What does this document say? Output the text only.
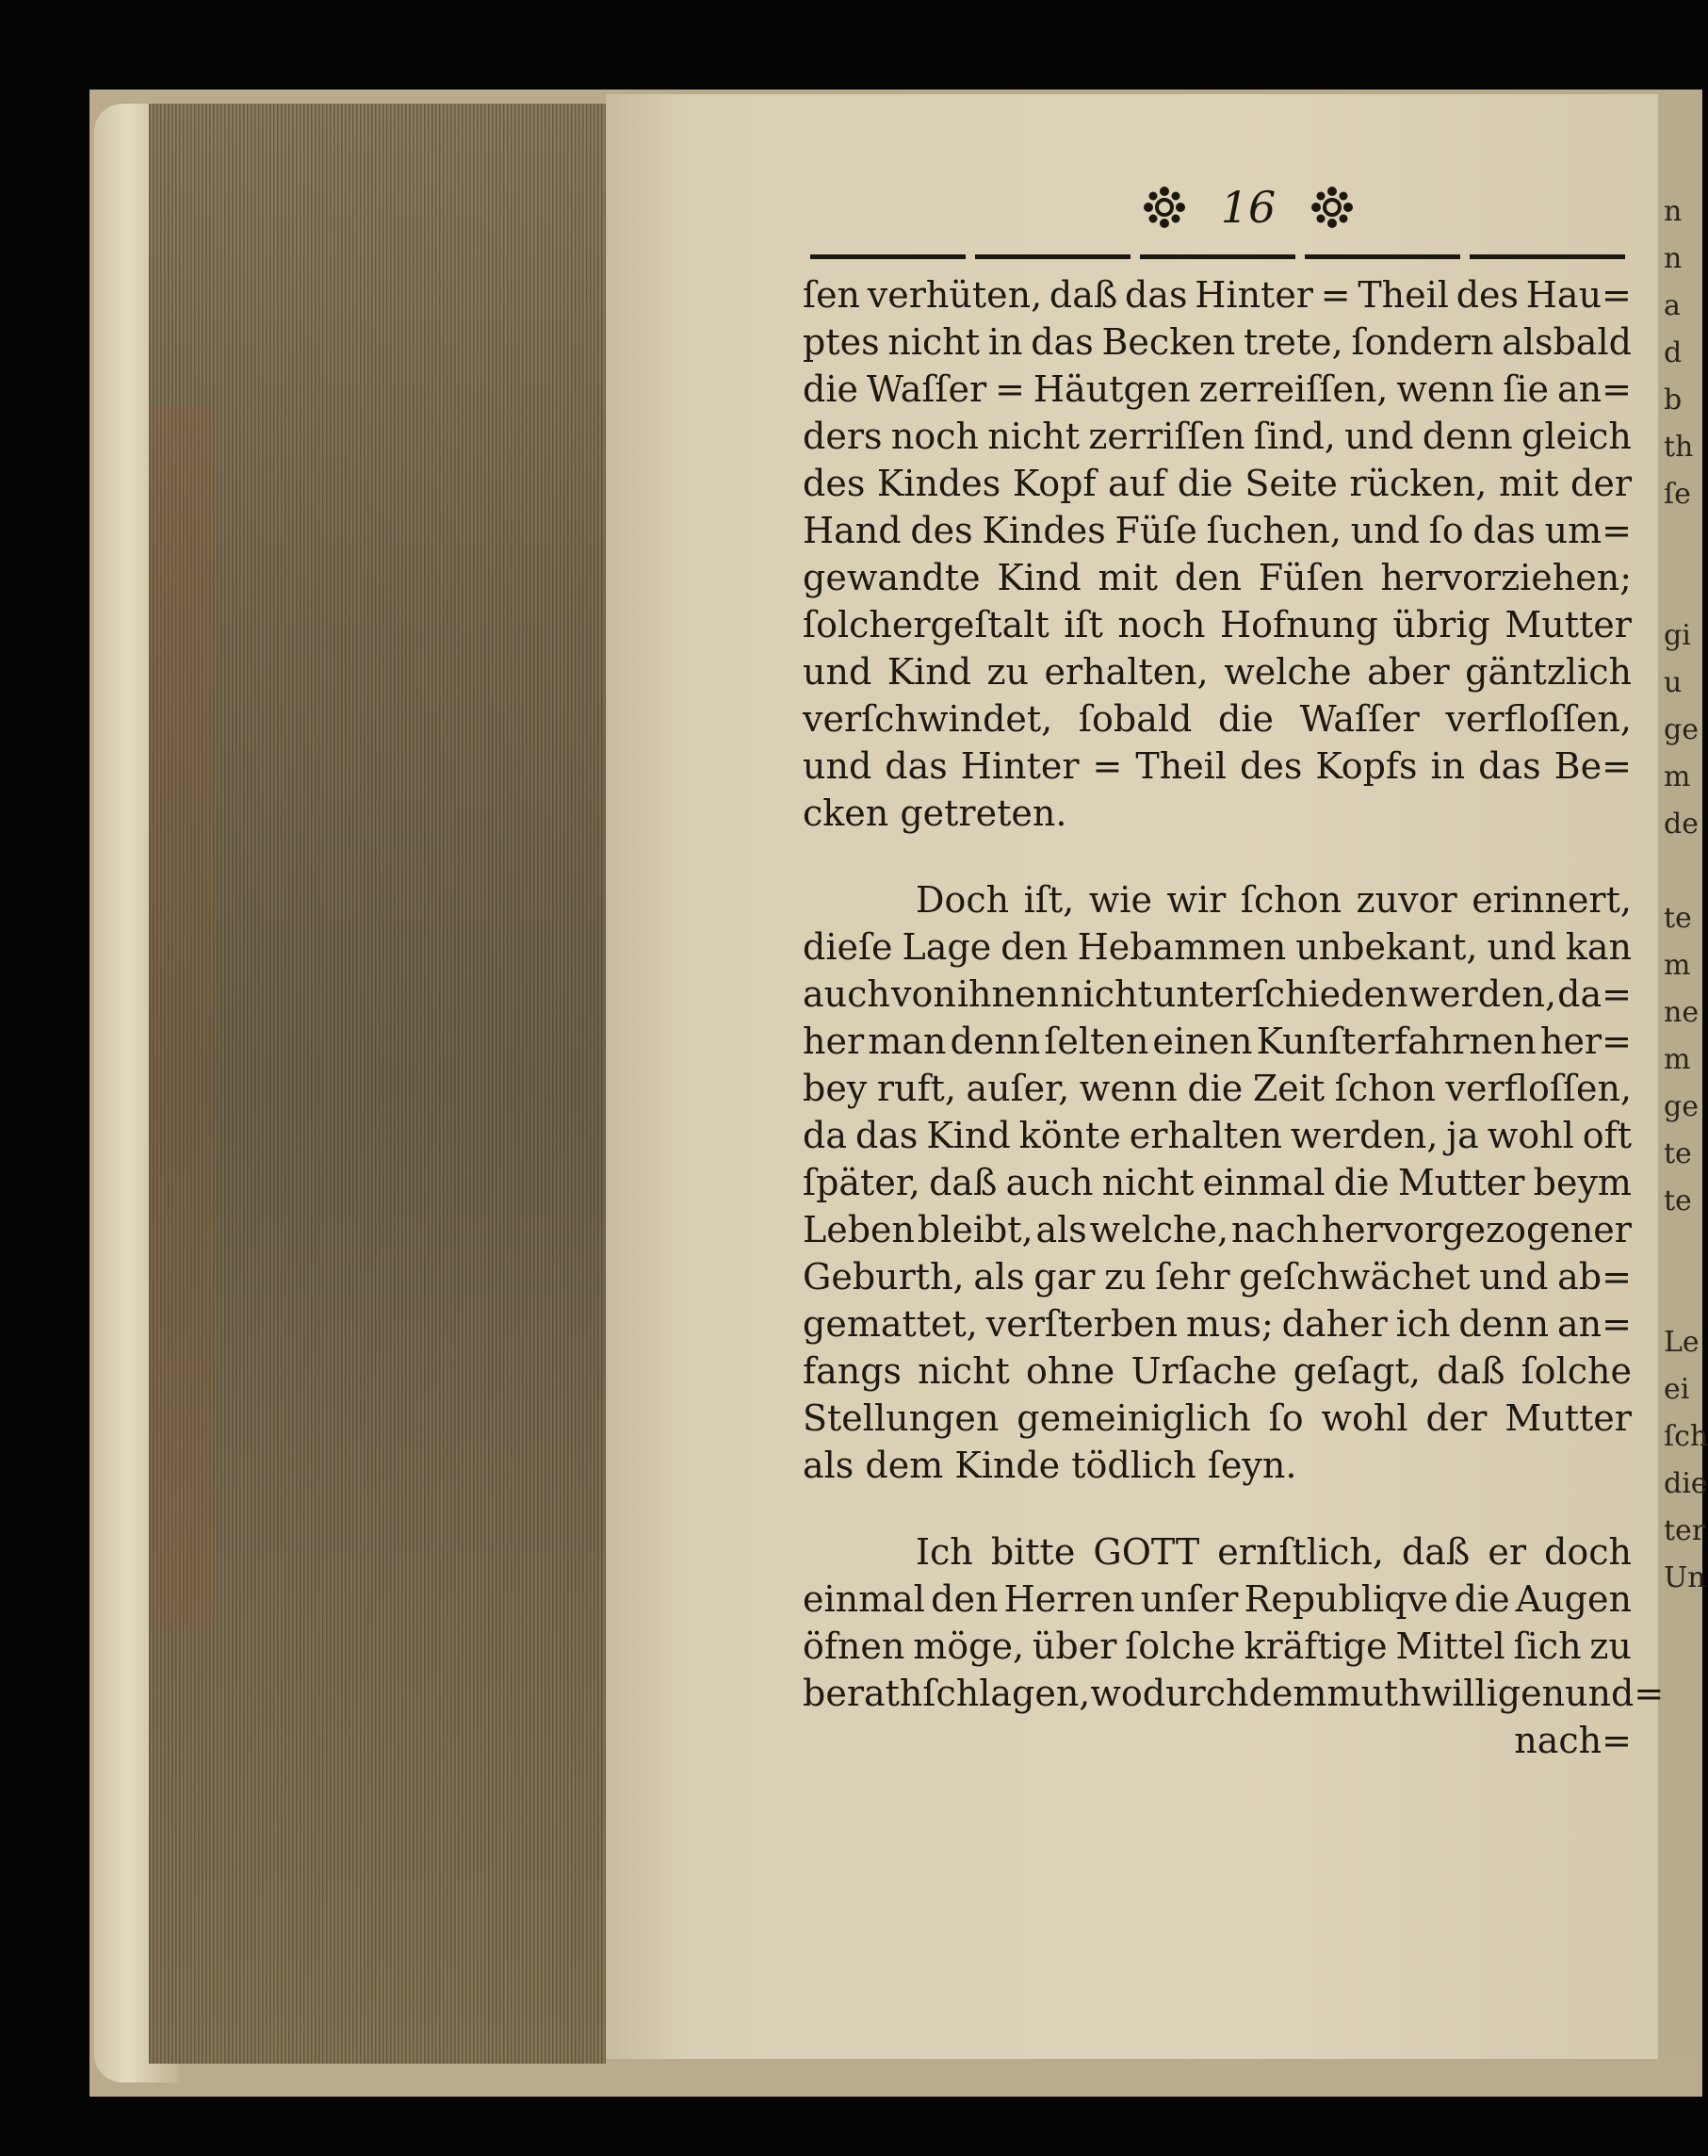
n
n
a
d
b
th
ſe
gi
u
ge
m
de
te
m
ne
m
ge
te
te
Le
ei
ſch
die
ter
Un
16
ſen verhüten, daß das Hinter = Theil des Hau=
ptes nicht in das Becken trete, ſondern alsbald
die Waſſer = Häutgen zerreiſſen, wenn ſie an=
ders noch nicht zerriſſen ſind, und denn gleich
des Kindes Kopf auf die Seite rücken, mit der
Hand des Kindes Füſe ſuchen, und ſo das um=
gewandte Kind mit den Füſen hervorziehen;
ſolchergeſtalt iſt noch Hofnung übrig Mutter
und Kind zu erhalten, welche aber gäntzlich
verſchwindet, ſobald die Waſſer verfloſſen,
und das Hinter = Theil des Kopfs in das Be=
cken getreten.
Doch iſt, wie wir ſchon zuvor erinnert,
dieſe Lage den Hebammen unbekant, und kan
auch von ihnen nicht unterſchieden werden, da=
her man denn ſelten einen Kunſterfahrnen her=
bey ruft, auſer, wenn die Zeit ſchon verfloſſen,
da das Kind könte erhalten werden, ja wohl oft
ſpäter, daß auch nicht einmal die Mutter beym
Leben bleibt, als welche, nach hervorgezogener
Geburth, als gar zu ſehr geſchwächet und ab=
gemattet, verſterben mus; daher ich denn an=
fangs nicht ohne Urſache geſagt, daß ſolche
Stellungen gemeiniglich ſo wohl der Mutter
als dem Kinde tödlich ſeyn.
Ich bitte GOTT ernſtlich, daß er doch
einmal den Herren unſer Republiqve die Augen
öfnen möge, über ſolche kräftige Mittel ſich zu
berathſchlagen, wodurch dem muthwilligen und=
nach=
